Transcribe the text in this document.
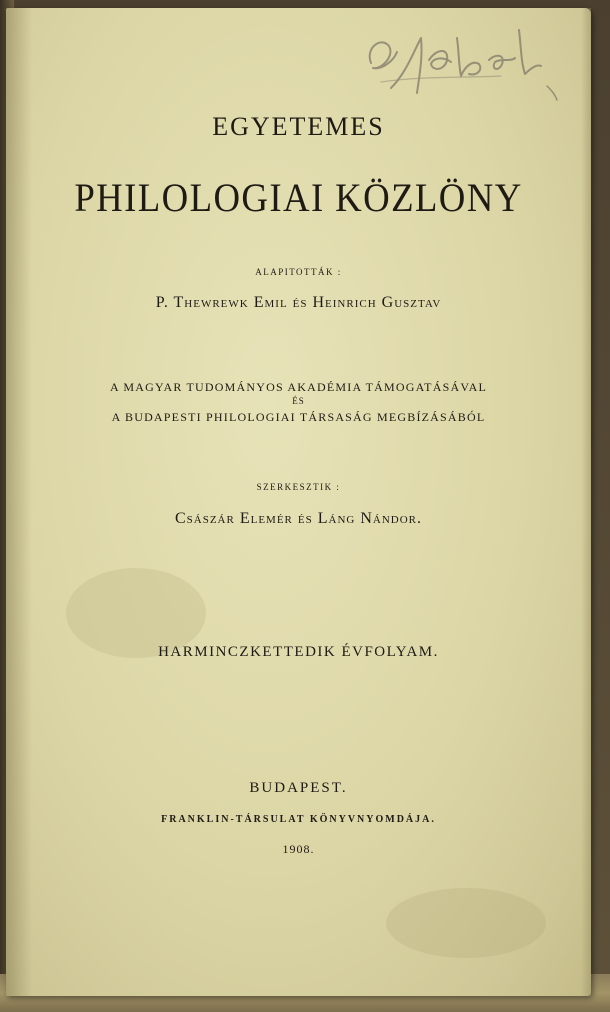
EGYETEMES
PHILOLOGIAI KÖZLÖNY
ALAPITOTTÁK :
P. Thewrewk Emil és Heinrich Gusztav
A MAGYAR TUDOMÁNYOS AKADÉMIA TÁMOGATÁSÁVAL
ÉS
A BUDAPESTI PHILOLOGIAI TÁRSASÁG MEGBÍZÁSÁBÓL
SZERKESZTIK :
Császár Elemér és Láng Nándor.
HARMINCZKETTEDIK ÉVFOLYAM.
BUDAPEST.
FRANKLIN-TÁRSULAT KÖNYVNYOMDÁJA.
1908.
